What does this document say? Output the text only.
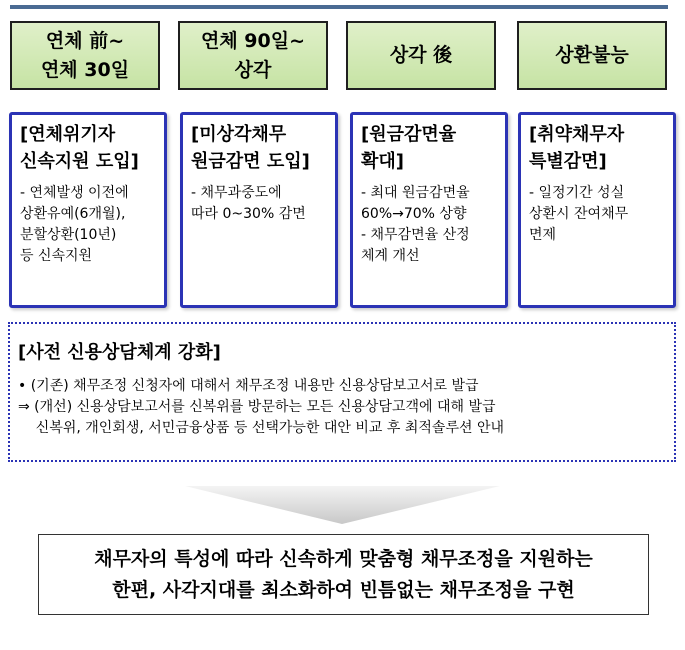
연체 前~
연체 30일
연체 90일~
상각
상각 後	상환불능
[연체위기자
신속지원 도입]
- 연체발생 이전에
상환유예(6개월),
분할상환(10년)
등 신속지원
[미상각채무
원금감면 도입]
- 채무과중도에
따라 0~30% 감면
[원금감면율
확대]
- 최대 원금감면율
60%→70% 상향
- 채무감면율 산정
체계 개선
[취약채무자
특별감면]
- 일정기간 성실
상환시 잔여채무
면제
[사전 신용상담체계 강화]
• (기존) 채무조정 신청자에 대해서 채무조정 내용만 신용상담보고서로 발급
⇒ (개선) 신용상담보고서를 신복위를 방문하는 모든 신용상담고객에 대해 발급
신복위, 개인회생, 서민금융상품 등 선택가능한 대안 비교 후 최적솔루션 안내
채무자의 특성에 따라 신속하게 맞춤형 채무조정을 지원하는
한편, 사각지대를 최소화하여 빈틈없는 채무조정을 구현
